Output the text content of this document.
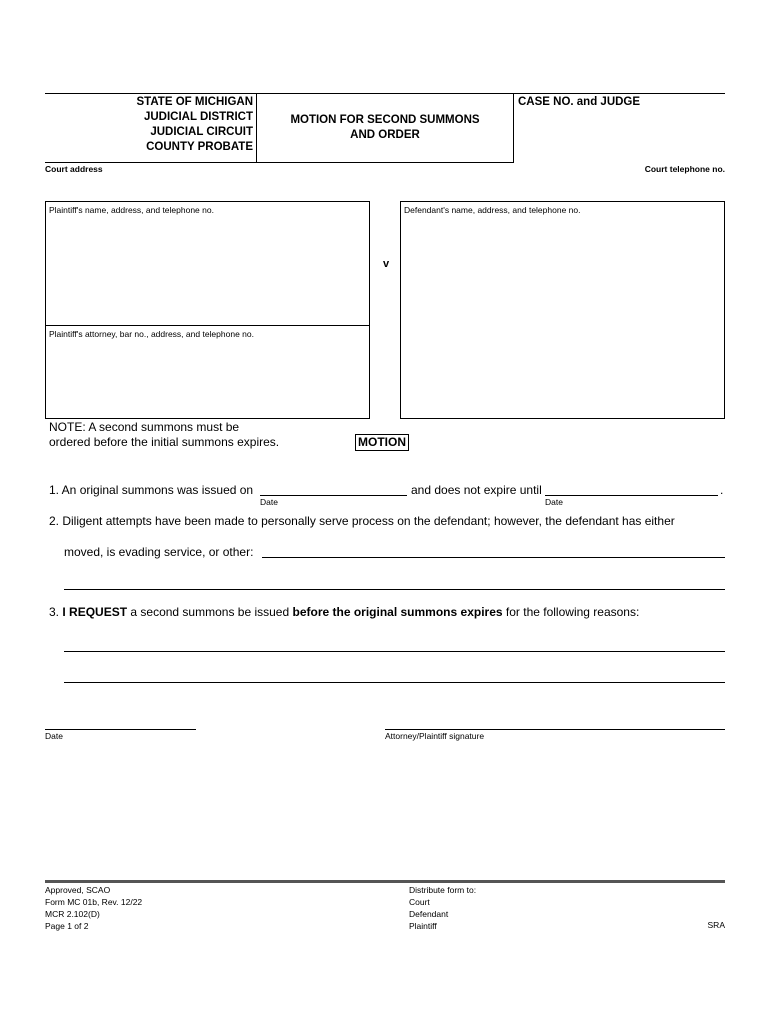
STATE OF MICHIGAN
JUDICIAL DISTRICT
JUDICIAL CIRCUIT
COUNTY PROBATE
MOTION FOR SECOND SUMMONS
AND ORDER
CASE NO. and JUDGE
Court address	Court telephone no.
Plaintiff's name, address, and telephone no.
Plaintiff's attorney, bar no., address, and telephone no.
v
Defendant's name, address, and telephone no.
NOTE: A second summons must be
ordered before the initial summons expires.	MOTION
1. An original summons was issued on
Date
and does not expire until
Date
.
2. Diligent attempts have been made to personally serve process on the defendant; however, the defendant has either
moved, is evading service, or other:
3. I REQUEST a second summons be issued before the original summons expires for the following reasons:
Date	Attorney/Plaintiff signature
Approved, SCAO
Form MC 01b, Rev. 12/22
MCR 2.102(D)
Page 1 of 2
Distribute form to:
Court
Defendant
Plaintiff	SRA
